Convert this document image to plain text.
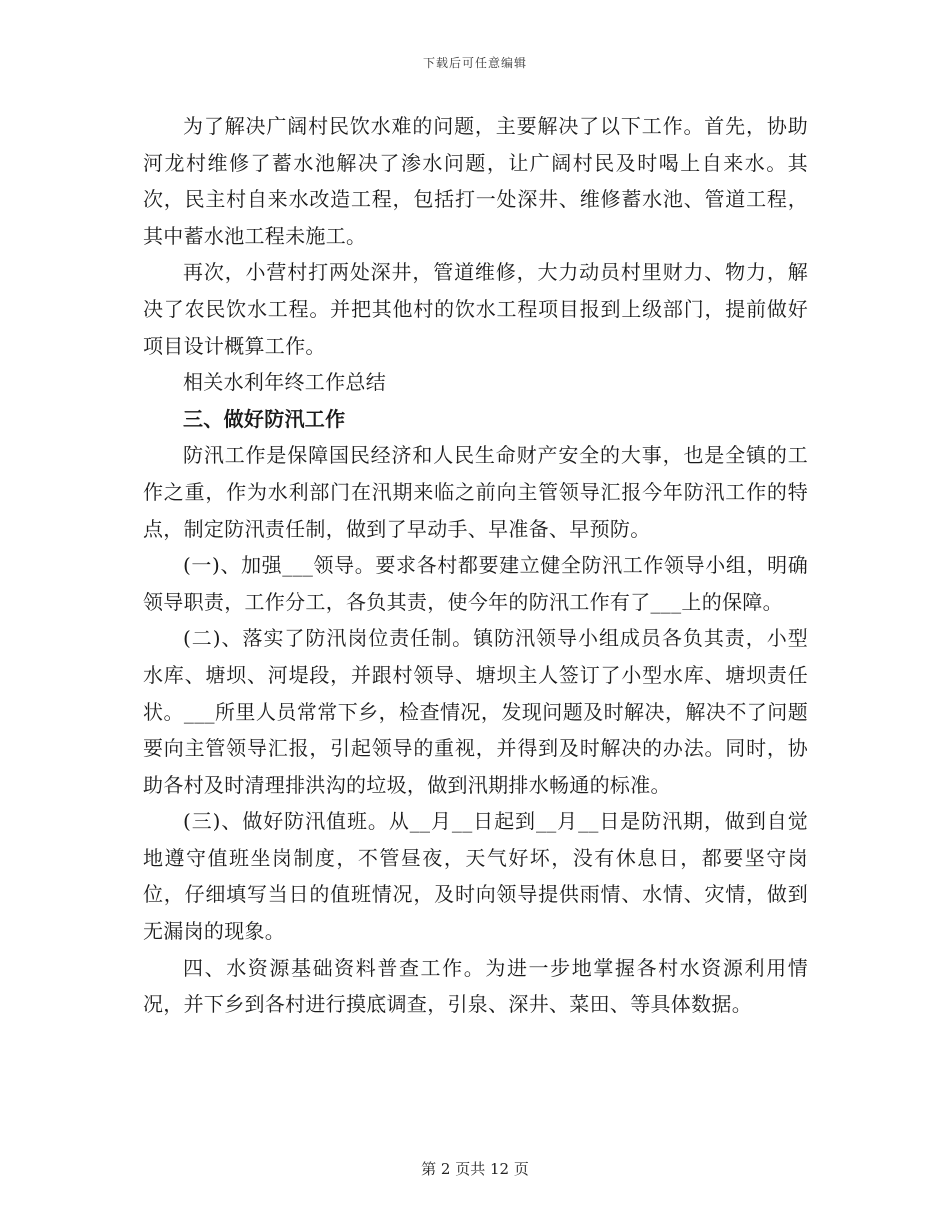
下载后可任意编辑

为了解决广阔村民饮水难的问题，主要解决了以下工作。首先，协助河龙村维修了蓄水池解决了渗水问题，让广阔村民及时喝上自来水。其次，民主村自来水改造工程，包括打一处深井、维修蓄水池、管道工程，其中蓄水池工程未施工。

再次，小营村打两处深井，管道维修，大力动员村里财力、物力，解决了农民饮水工程。并把其他村的饮水工程项目报到上级部门，提前做好项目设计概算工作。

相关水利年终工作总结

三、做好防汛工作

防汛工作是保障国民经济和人民生命财产安全的大事，也是全镇的工作之重，作为水利部门在汛期来临之前向主管领导汇报今年防汛工作的特点，制定防汛责任制，做到了早动手、早准备、早预防。

(一)、加强___领导。要求各村都要建立健全防汛工作领导小组，明确领导职责，工作分工，各负其责，使今年的防汛工作有了___上的保障。

(二)、落实了防汛岗位责任制。镇防汛领导小组成员各负其责，小型水库、塘坝、河堤段，并跟村领导、塘坝主人签订了小型水库、塘坝责任状。___所里人员常常下乡，检查情况，发现问题及时解决，解决不了问题要向主管领导汇报，引起领导的重视，并得到及时解决的办法。同时，协助各村及时清理排洪沟的垃圾，做到汛期排水畅通的标准。

(三)、做好防汛值班。从__月__日起到__月__日是防汛期，做到自觉地遵守值班坐岗制度，不管昼夜，天气好坏，没有休息日，都要坚守岗位，仔细填写当日的值班情况，及时向领导提供雨情、水情、灾情，做到无漏岗的现象。

四、水资源基础资料普查工作。为进一步地掌握各村水资源利用情况，并下乡到各村进行摸底调查，引泉、深井、菜田、等具体数据。

第 2 页共 12 页
